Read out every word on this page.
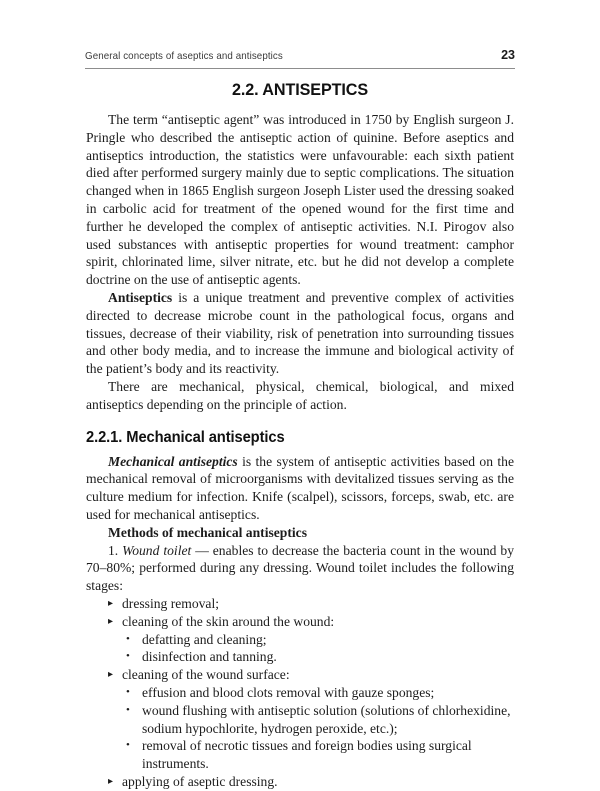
General concepts of aseptics and antiseptics	23
2.2. ANTISEPTICS

The term “antiseptic agent” was introduced in 1750 by English surgeon J. Pringle who described the antiseptic action of quinine. Before aseptics and antiseptics introduction, the statistics were unfavourable: each sixth patient died after performed surgery mainly due to septic complications. The situation changed when in 1865 English surgeon Joseph Lister used the dressing soaked in carbolic acid for treatment of the opened wound for the first time and further he developed the complex of antiseptic activities. N.I. Pirogov also used substances with antiseptic properties for wound treatment: camphor spirit, chlorinated lime, silver nitrate, etc. but he did not develop a complete doctrine on the use of antiseptic agents.

Antiseptics is a unique treatment and preventive complex of activities directed to decrease microbe count in the pathological focus, organs and tissues, decrease of their viability, risk of penetration into surrounding tissues and other body media, and to increase the immune and biological activity of the patient’s body and its reactivity.

There are mechanical, physical, chemical, biological, and mixed antiseptics depending on the principle of action.

2.2.1. Mechanical antiseptics

Mechanical antiseptics is the system of antiseptic activities based on the mechanical removal of microorganisms with devitalized tissues serving as the culture medium for infection. Knife (scalpel), scissors, forceps, swab, etc. are used for mechanical antiseptics.

Methods of mechanical antiseptics

1. Wound toilet — enables to decrease the bacteria count in the wound by 70–80%; performed during any dressing. Wound toilet includes the following stages:

▸ dressing removal;
▸ cleaning of the skin around the wound:
• defatting and cleaning;
• disinfection and tanning.
▸ cleaning of the wound surface:
• effusion and blood clots removal with gauze sponges;
• wound flushing with antiseptic solution (solutions of chlorhexidine, sodium hypochlorite, hydrogen peroxide, etc.);
• removal of necrotic tissues and foreign bodies using surgical instruments.
▸ applying of aseptic dressing.
